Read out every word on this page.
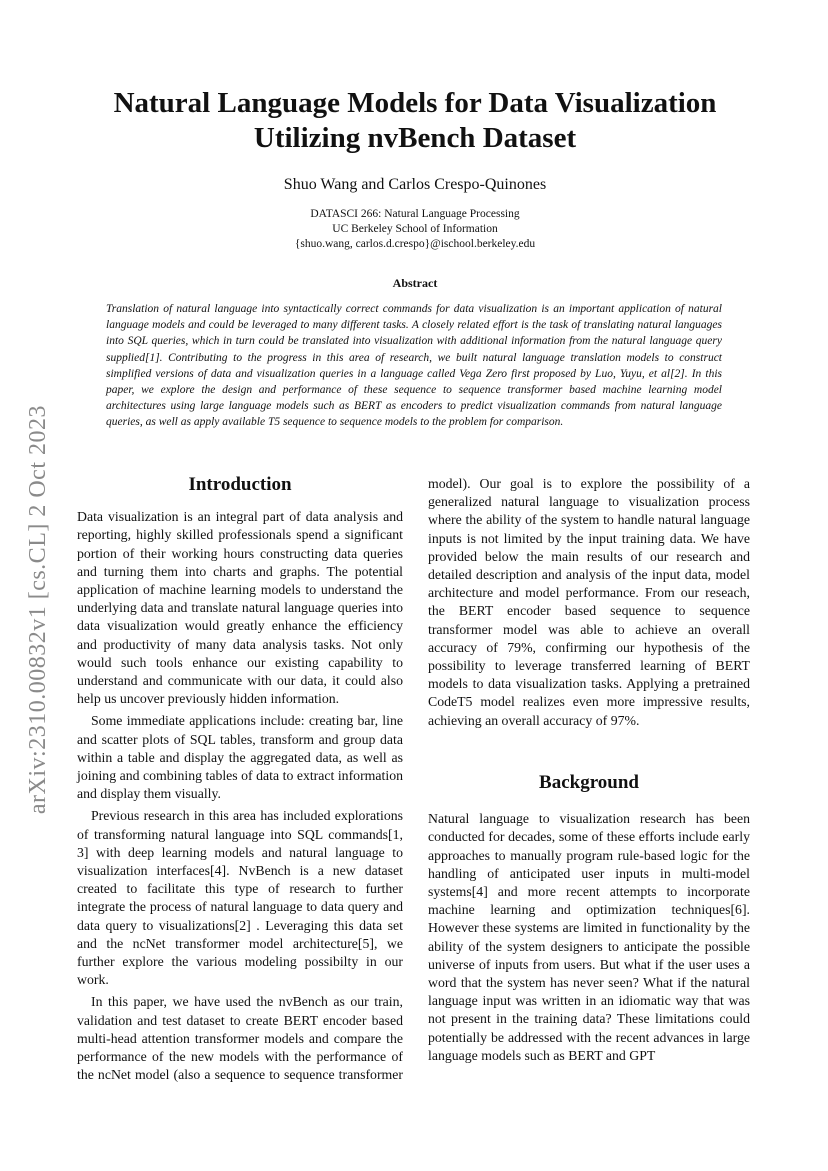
arXiv:2310.00832v1 [cs.CL] 2 Oct 2023
Natural Language Models for Data Visualization
Utilizing nvBench Dataset
Shuo Wang and Carlos Crespo-Quinones
DATASCI 266: Natural Language Processing
UC Berkeley School of Information
{shuo.wang, carlos.d.crespo}@ischool.berkeley.edu
Abstract
Translation of natural language into syntactically correct commands for data visualization is an important application of natural language models and could be leveraged to many different tasks. A closely related effort is the task of translating natural languages into SQL queries, which in turn could be translated into visualization with additional information from the natural language query supplied[1]. Contributing to the progress in this area of research, we built natural language translation models to construct simplified versions of data and visualization queries in a language called Vega Zero first proposed by Luo, Yuyu, et al[2]. In this paper, we explore the design and performance of these sequence to sequence transformer based machine learning model architectures using large language models such as BERT as encoders to predict visualization commands from natural language queries, as well as apply available T5 sequence to sequence models to the problem for comparison.
Introduction

Data visualization is an integral part of data analysis and reporting, highly skilled professionals spend a significant portion of their working hours constructing data queries and turning them into charts and graphs. The potential application of machine learning models to understand the underlying data and translate natural language queries into data visualization would greatly enhance the efficiency and productivity of many data analysis tasks. Not only would such tools enhance our existing capability to understand and communicate with our data, it could also help us uncover previously hidden information.

Some immediate applications include: creating bar, line and scatter plots of SQL tables, transform and group data within a table and display the aggregated data, as well as joining and combining tables of data to extract information and display them visually.

Previous research in this area has included explorations of transforming natural language into SQL commands[1, 3] with deep learning models and natural language to visualization interfaces[4]. NvBench is a new dataset created to facilitate this type of research to further integrate the process of natural language to data query and data query to visualizations[2] . Leveraging this data set and the ncNet transformer model architecture[5], we further explore the various modeling possibilty in our work.

In this paper, we have used the nvBench as our train, validation and test dataset to create BERT encoder based multi-head attention transformer models and compare the performance of the new models with the performance of the ncNet model (also a sequence to sequence transformer

model). Our goal is to explore the possibility of a generalized natural language to visualization process where the ability of the system to handle natural language inputs is not limited by the input training data. We have provided below the main results of our research and detailed description and analysis of the input data, model architecture and model performance. From our reseach, the BERT encoder based sequence to sequence transformer model was able to achieve an overall accuracy of 79%, confirming our hypothesis of the possibility to leverage transferred learning of BERT models to data visualization tasks. Applying a pretrained CodeT5 model realizes even more impressive results, achieving an overall accuracy of 97%.

Background

Natural language to visualization research has been conducted for decades, some of these efforts include early approaches to manually program rule-based logic for the handling of anticipated user inputs in multi-model systems[4] and more recent attempts to incorporate machine learning and optimization techniques[6]. However these systems are limited in functionality by the ability of the system designers to anticipate the possible universe of inputs from users. But what if the user uses a word that the system has never seen? What if the natural language input was written in an idiomatic way that was not present in the training data? These limitations could potentially be addressed with the recent advances in large language models such as BERT and GPT
